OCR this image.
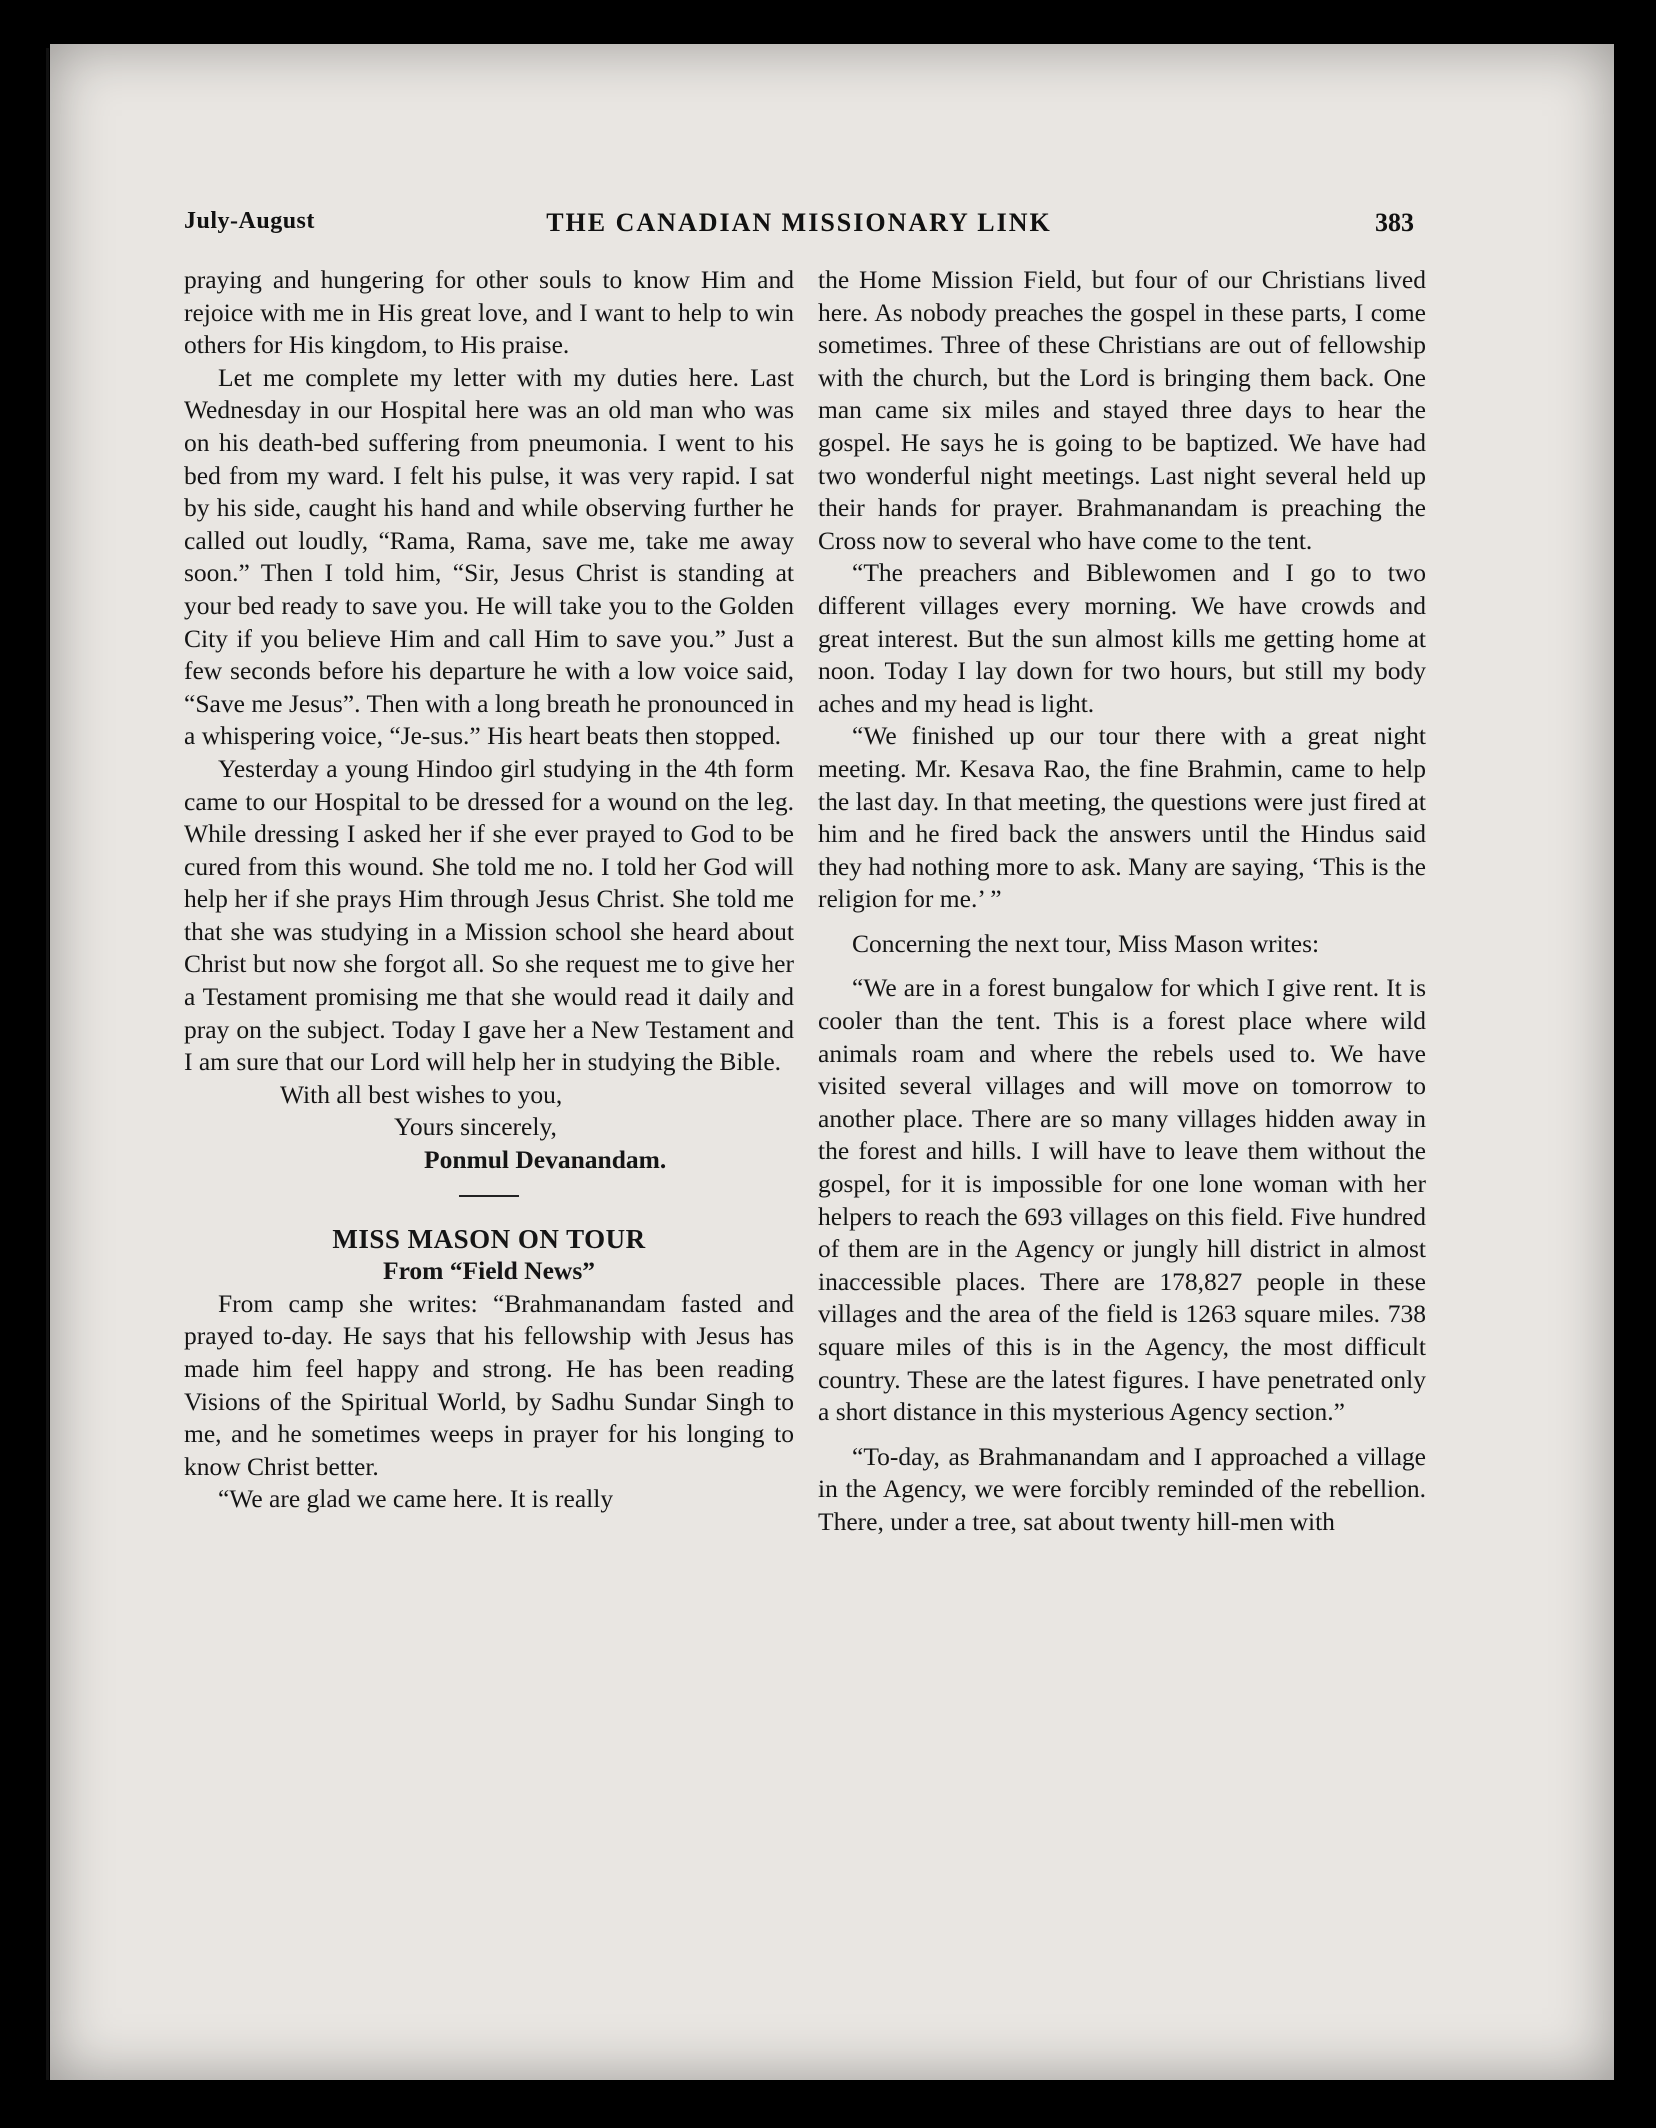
July-August	THE CANADIAN MISSIONARY LINK	383

praying and hungering for other souls to know Him and rejoice with me in His great love, and I want to help to win others for His kingdom, to His praise.

Let me complete my letter with my duties here. Last Wednesday in our Hospital here was an old man who was on his death-bed suffering from pneumonia. I went to his bed from my ward. I felt his pulse, it was very rapid. I sat by his side, caught his hand and while observing further he called out loudly, “Rama, Rama, save me, take me away soon.” Then I told him, “Sir, Jesus Christ is standing at your bed ready to save you. He will take you to the Golden City if you believe Him and call Him to save you.” Just a few seconds before his departure he with a low voice said, “Save me Jesus”. Then with a long breath he pronounced in a whispering voice, “Je-sus.” His heart beats then stopped.

Yesterday a young Hindoo girl studying in the 4th form came to our Hospital to be dressed for a wound on the leg. While dressing I asked her if she ever prayed to God to be cured from this wound. She told me no. I told her God will help her if she prays Him through Jesus Christ. She told me that she was studying in a Mission school she heard about Christ but now she forgot all. So she request me to give her a Testament promising me that she would read it daily and pray on the subject. Today I gave her a New Testament and I am sure that our Lord will help her in studying the Bible.

With all best wishes to you,

Yours sincerely,

Ponmul Devanandam.

MISS MASON ON TOUR

From “Field News”

From camp she writes: “Brahmanandam fasted and prayed to-day. He says that his fellowship with Jesus has made him feel happy and strong. He has been reading Visions of the Spiritual World, by Sadhu Sundar Singh to me, and he sometimes weeps in prayer for his longing to know Christ better.

“We are glad we came here. It is really

the Home Mission Field, but four of our Christians lived here. As nobody preaches the gospel in these parts, I come sometimes. Three of these Christians are out of fellowship with the church, but the Lord is bringing them back. One man came six miles and stayed three days to hear the gospel. He says he is going to be baptized. We have had two wonderful night meetings. Last night several held up their hands for prayer. Brahmanandam is preaching the Cross now to several who have come to the tent.

“The preachers and Biblewomen and I go to two different villages every morning. We have crowds and great interest. But the sun almost kills me getting home at noon. Today I lay down for two hours, but still my body aches and my head is light.

“We finished up our tour there with a great night meeting. Mr. Kesava Rao, the fine Brahmin, came to help the last day. In that meeting, the questions were just fired at him and he fired back the answers until the Hindus said they had nothing more to ask. Many are saying, ‘This is the religion for me.’ ”

Concerning the next tour, Miss Mason writes:

“We are in a forest bungalow for which I give rent. It is cooler than the tent. This is a forest place where wild animals roam and where the rebels used to. We have visited several villages and will move on tomorrow to another place. There are so many villages hidden away in the forest and hills. I will have to leave them without the gospel, for it is impossible for one lone woman with her helpers to reach the 693 villages on this field. Five hundred of them are in the Agency or jungly hill district in almost inaccessible places. There are 178,827 people in these villages and the area of the field is 1263 square miles. 738 square miles of this is in the Agency, the most difficult country. These are the latest figures. I have penetrated only a short distance in this mysterious Agency section.”

“To-day, as Brahmanandam and I approached a village in the Agency, we were forcibly reminded of the rebellion. There, under a tree, sat about twenty hill-men with
